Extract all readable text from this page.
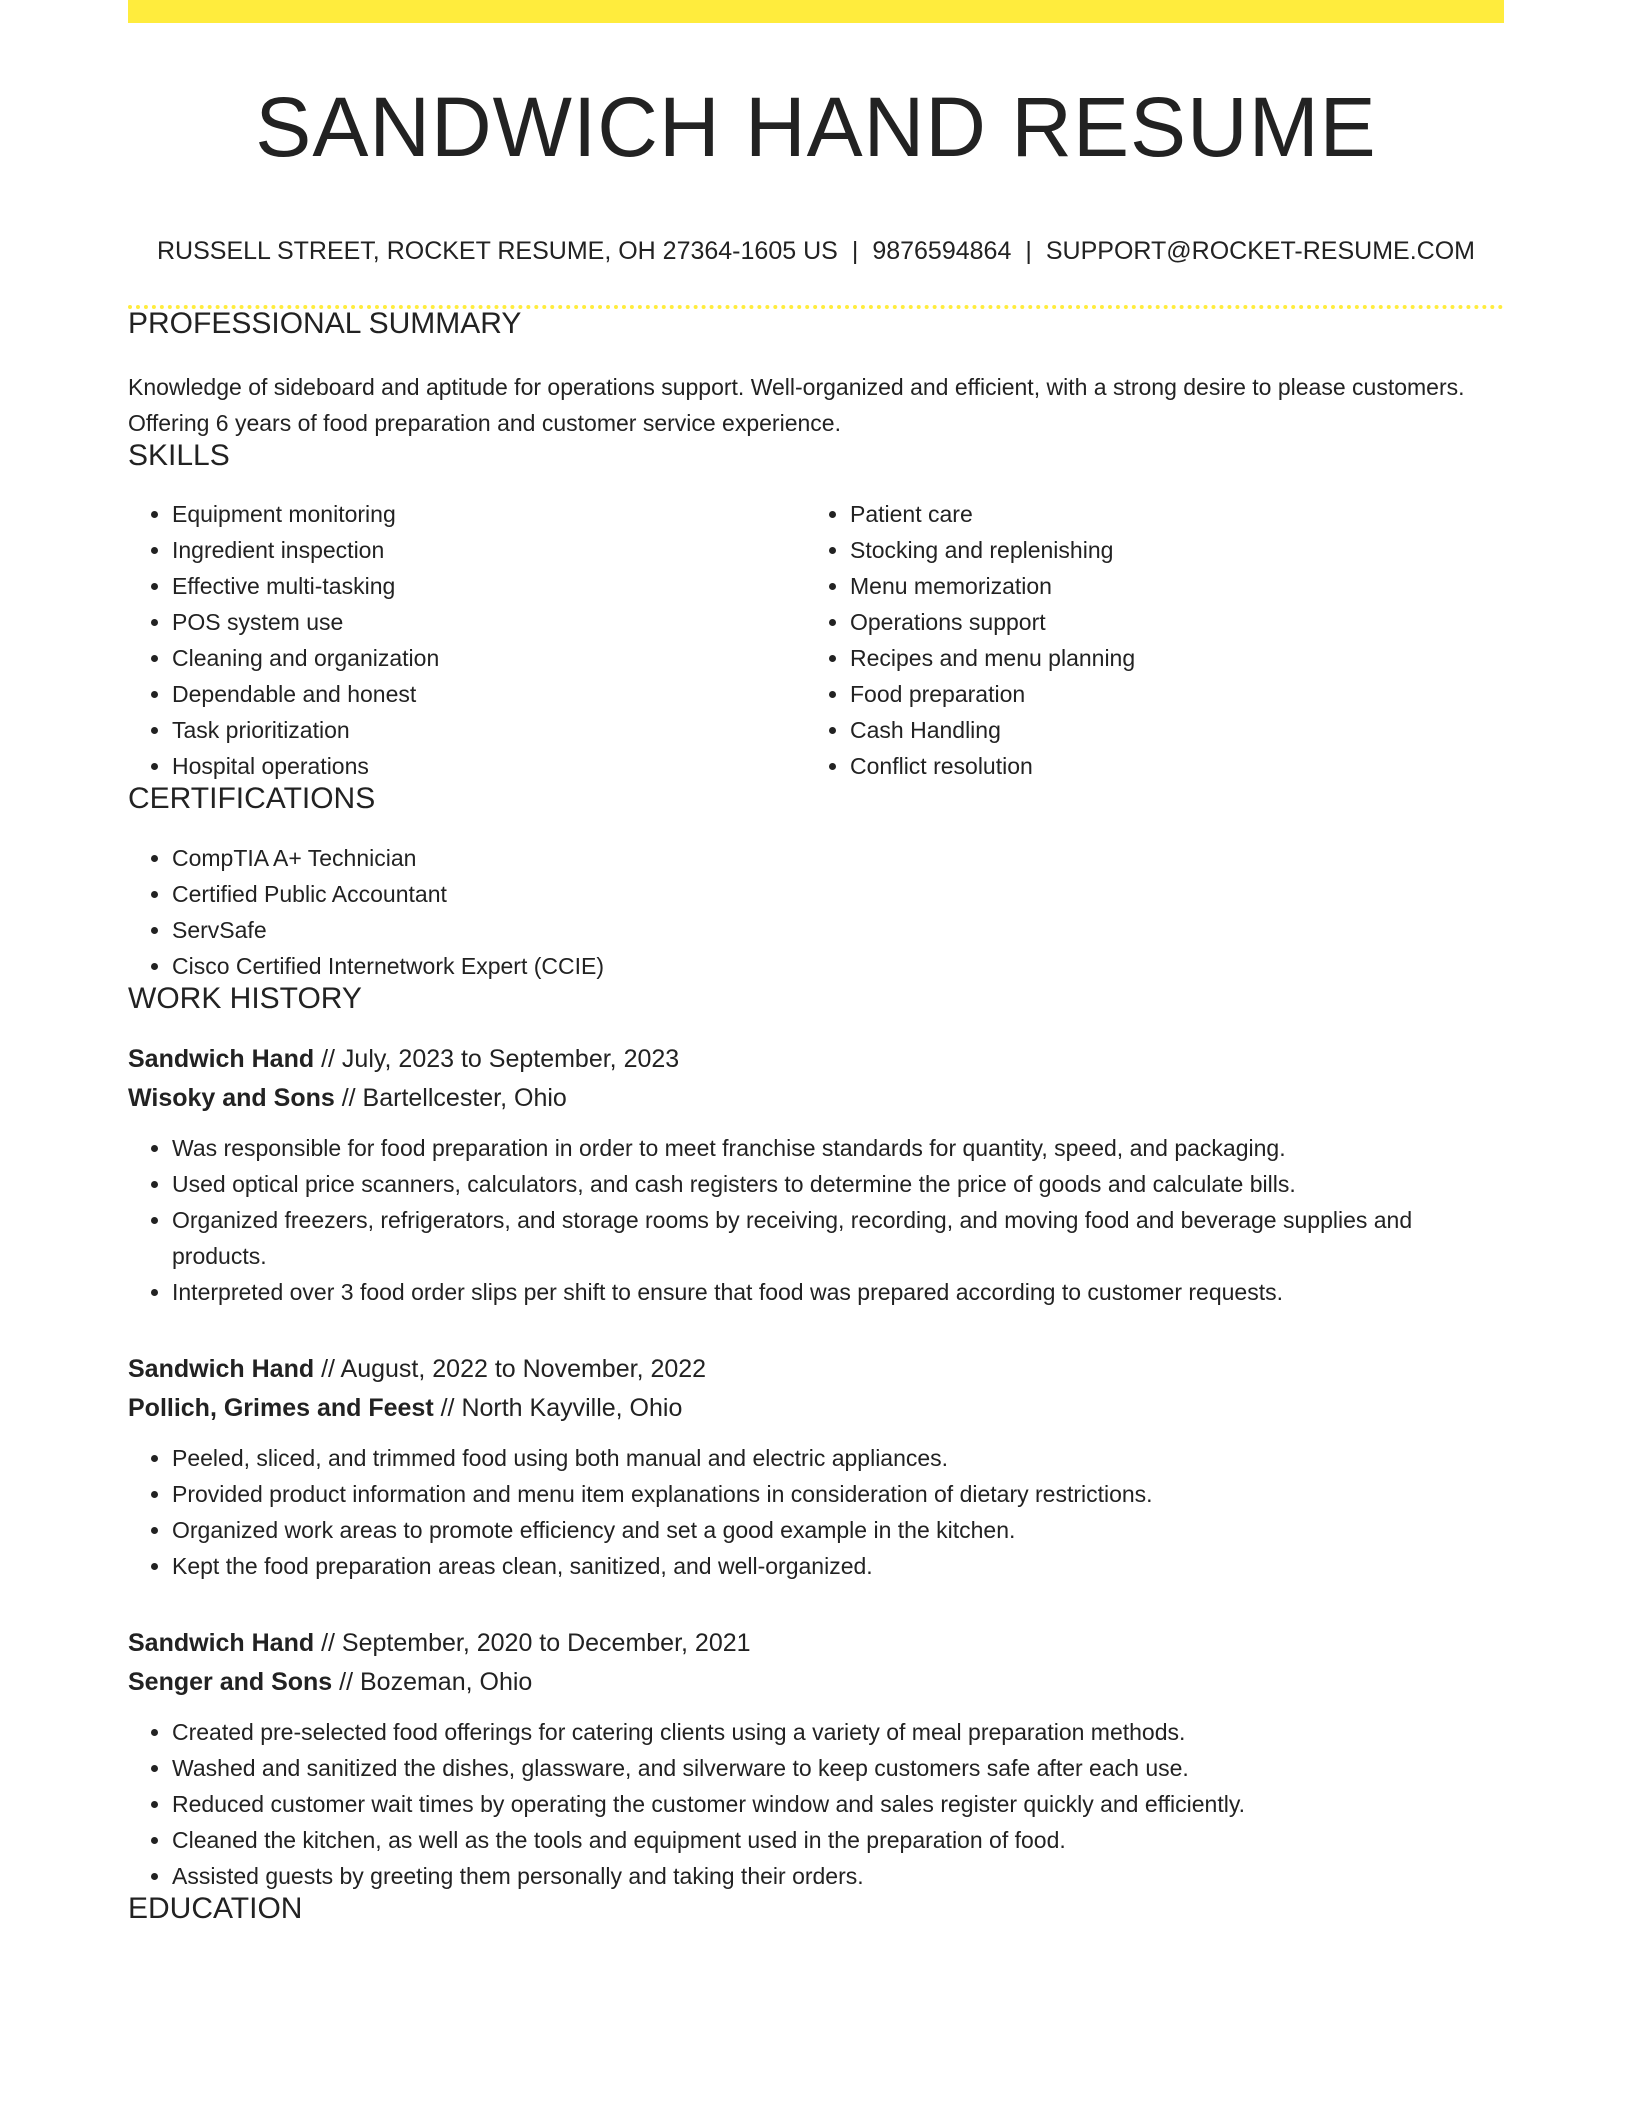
SANDWICH HAND RESUME
RUSSELL STREET, ROCKET RESUME, OH 27364-1605 US | 9876594864 | SUPPORT@ROCKET-RESUME.COM
PROFESSIONAL SUMMARY
Knowledge of sideboard and aptitude for operations support. Well-organized and efficient, with a strong desire to please customers. Offering 6 years of food preparation and customer service experience.
SKILLS
• Equipment monitoring
• Ingredient inspection
• Effective multi-tasking
• POS system use
• Cleaning and organization
• Dependable and honest
• Task prioritization
• Hospital operations
• Patient care
• Stocking and replenishing
• Menu memorization
• Operations support
• Recipes and menu planning
• Food preparation
• Cash Handling
• Conflict resolution
CERTIFICATIONS
• CompTIA A+ Technician
• Certified Public Accountant
• ServSafe
• Cisco Certified Internetwork Expert (CCIE)
WORK HISTORY
Sandwich Hand // July, 2023 to September, 2023
Wisoky and Sons // Bartellcester, Ohio
• Was responsible for food preparation in order to meet franchise standards for quantity, speed, and packaging.
• Used optical price scanners, calculators, and cash registers to determine the price of goods and calculate bills.
• Organized freezers, refrigerators, and storage rooms by receiving, recording, and moving food and beverage supplies and products.
• Interpreted over 3 food order slips per shift to ensure that food was prepared according to customer requests.
Sandwich Hand // August, 2022 to November, 2022
Pollich, Grimes and Feest // North Kayville, Ohio
• Peeled, sliced, and trimmed food using both manual and electric appliances.
• Provided product information and menu item explanations in consideration of dietary restrictions.
• Organized work areas to promote efficiency and set a good example in the kitchen.
• Kept the food preparation areas clean, sanitized, and well-organized.
Sandwich Hand // September, 2020 to December, 2021
Senger and Sons // Bozeman, Ohio
• Created pre-selected food offerings for catering clients using a variety of meal preparation methods.
• Washed and sanitized the dishes, glassware, and silverware to keep customers safe after each use.
• Reduced customer wait times by operating the customer window and sales register quickly and efficiently.
• Cleaned the kitchen, as well as the tools and equipment used in the preparation of food.
• Assisted guests by greeting them personally and taking their orders.
EDUCATION
